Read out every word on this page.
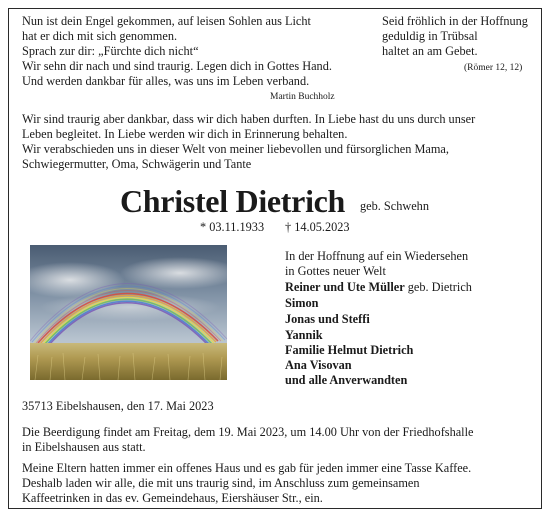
Nun ist dein Engel gekommen, auf leisen Sohlen aus Licht
hat er dich mit sich genommen.
Sprach zur dir: „Fürchte dich nicht“
Wir sehn dir nach und sind traurig. Legen dich in Gottes Hand.
Und werden dankbar für alles, was uns im Leben verband.
Martin Buchholz
Seid fröhlich in der Hoffnung
geduldig in Trübsal
haltet an am Gebet.
(Römer 12, 12)
Wir sind traurig aber dankbar, dass wir dich haben durften. In Liebe hast du uns durch unser
Leben begleitet. In Liebe werden wir dich in Erinnerung behalten.
Wir verabschieden uns in dieser Welt von meiner liebevollen und fürsorglichen Mama,
Schwiegermutter, Oma, Schwägerin und Tante
Christel Dietrich geb. Schwehn
* 03.11.1933 † 14.05.2023
In der Hoffnung auf ein Wiedersehen
in Gottes neuer Welt
Reiner und Ute Müller geb. Dietrich
Simon
Jonas und Steffi
Yannik
Familie Helmut Dietrich
Ana Visovan
und alle Anverwandten
35713 Eibelshausen, den 17. Mai 2023
Die Beerdigung findet am Freitag, dem 19. Mai 2023, um 14.00 Uhr von der Friedhofshalle
in Eibelshausen aus statt.
Meine Eltern hatten immer ein offenes Haus und es gab für jeden immer eine Tasse Kaffee.
Deshalb laden wir alle, die mit uns traurig sind, im Anschluss zum gemeinsamen
Kaffeetrinken in das ev. Gemeindehaus, Eiershäuser Str., ein.
